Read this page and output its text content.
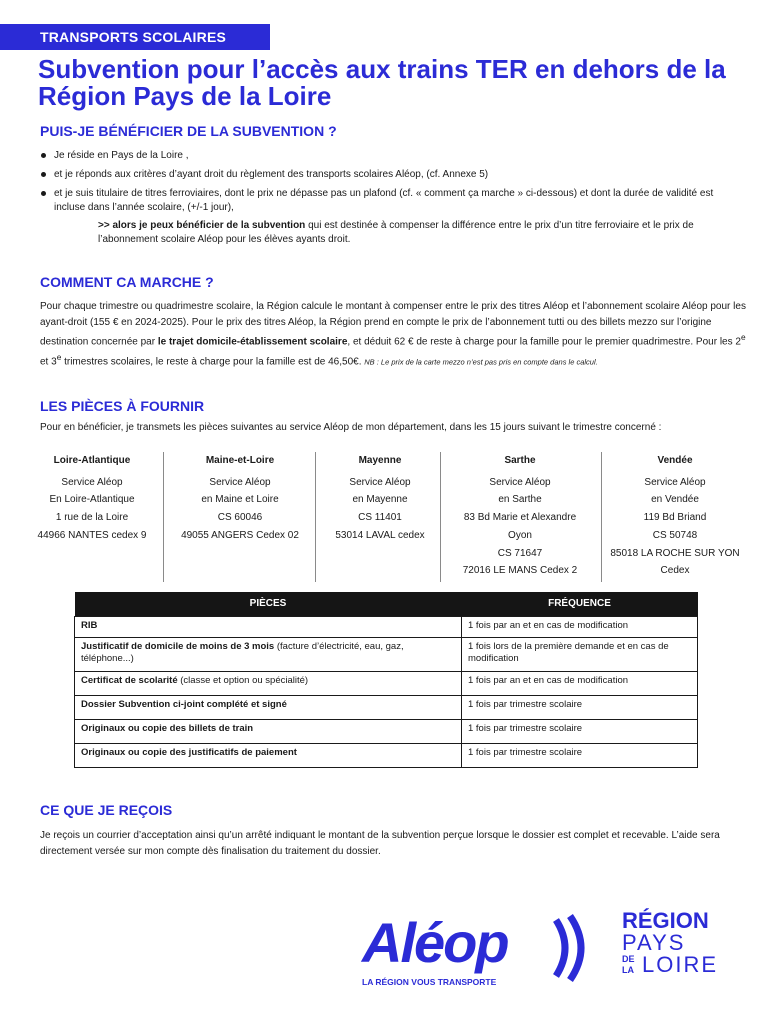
TRANSPORTS SCOLAIRES
Subvention pour l’accès aux trains TER en dehors de la Région Pays de la Loire
PUIS-JE BÉNÉFICIER DE LA SUBVENTION ?
Je réside en Pays de la Loire ,
et je réponds aux critères d’ayant droit du règlement des transports scolaires Aléop, (cf. Annexe 5)
et je suis titulaire de titres ferroviaires, dont le prix ne dépasse pas un plafond (cf. « comment ça marche » ci-dessous) et dont la durée de validité est incluse dans l’année scolaire, (+/-1 jour),
>> alors je peux bénéficier de la subvention qui est destinée à compenser la différence entre le prix d’un titre ferroviaire et le prix de l’abonnement scolaire Aléop pour les élèves ayants droit.
COMMENT CA MARCHE ?
Pour chaque trimestre ou quadrimestre scolaire, la Région calcule le montant à compenser entre le prix des titres Aléop et l’abonnement scolaire Aléop pour les ayant-droit (155 € en 2024-2025). Pour le prix des titres Aléop, la Région prend en compte le prix de l’abonnement tutti ou des billets mezzo sur l’origine destination concernée par le trajet domicile-établissement scolaire, et déduit 62 € de reste à charge pour la famille pour le premier quadrimestre. Pour les 2e et 3e trimestres scolaires, le reste à charge pour la famille est de 46,50€. NB : Le prix de la carte mezzo n’est pas pris en compte dans le calcul.
LES PIÈCES À FOURNIR
Pour en bénéficier, je transmets les pièces suivantes au service Aléop de mon département, dans les 15 jours suivant le trimestre concerné :
Loire-Atlantique
Service Aléop
En Loire-Atlantique
1 rue de la Loire
44966 NANTES cedex 9
Maine-et-Loire
Service Aléop
en Maine et Loire
CS 60046
49055 ANGERS Cedex 02
Mayenne
Service Aléop
en Mayenne
CS 11401
53014 LAVAL cedex
Sarthe
Service Aléop
en Sarthe
83 Bd Marie et Alexandre
Oyon
CS 71647
72016 LE MANS Cedex 2
Vendée
Service Aléop
en Vendée
119 Bd Briand
CS 50748
85018 LA ROCHE SUR YON
Cedex
PIÈCES	FRÉQUENCE
RIB	1 fois par an et en cas de modification
Justificatif de domicile de moins de 3 mois (facture d’électricité, eau, gaz, téléphone...)	1 fois lors de la première demande et en cas de modification
Certificat de scolarité (classe et option ou spécialité)	1 fois par an et en cas de modification
Dossier Subvention ci-joint complété et signé	1 fois par trimestre scolaire
Originaux ou copie des billets de train	1 fois par trimestre scolaire
Originaux ou copie des justificatifs de paiement	1 fois par trimestre scolaire
CE QUE JE REÇOIS
Je reçois un courrier d’acceptation ainsi qu’un arrêté indiquant le montant de la subvention perçue lorsque le dossier est complet et recevable. L’aide sera directement versée sur mon compte dès finalisation du traitement du dossier.
Aléop
LA RÉGION VOUS TRANSPORTE
RÉGION
PAYS
DE
LA LOIRE
